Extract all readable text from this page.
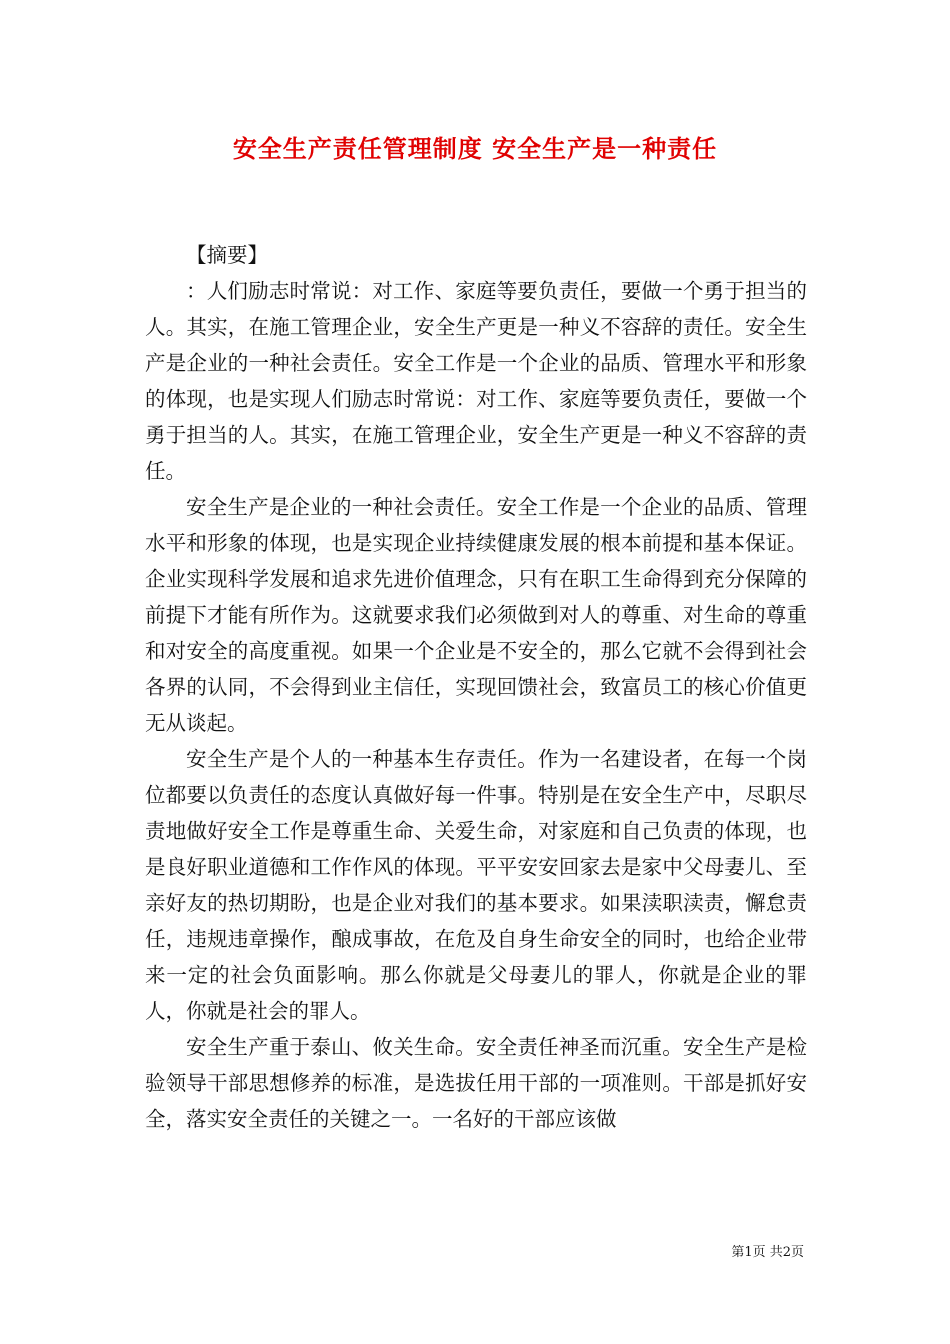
安全生产责任管理制度 安全生产是一种责任

【摘要】

：人们励志时常说：对工作、家庭等要负责任，要做一个勇于担当的人。其实，在施工管理企业，安全生产更是一种义不容辞的责任。安全生产是企业的一种社会责任。安全工作是一个企业的品质、管理水平和形象的体现，也是实现人们励志时常说：对工作、家庭等要负责任，要做一个勇于担当的人。其实，在施工管理企业，安全生产更是一种义不容辞的责任。

安全生产是企业的一种社会责任。安全工作是一个企业的品质、管理水平和形象的体现，也是实现企业持续健康发展的根本前提和基本保证。企业实现科学发展和追求先进价值理念，只有在职工生命得到充分保障的前提下才能有所作为。这就要求我们必须做到对人的尊重、对生命的尊重和对安全的高度重视。如果一个企业是不安全的，那么它就不会得到社会各界的认同，不会得到业主信任，实现回馈社会，致富员工的核心价值更无从谈起。

安全生产是个人的一种基本生存责任。作为一名建设者，在每一个岗位都要以负责任的态度认真做好每一件事。特别是在安全生产中，尽职尽责地做好安全工作是尊重生命、关爱生命，对家庭和自己负责的体现，也是良好职业道德和工作作风的体现。平平安安回家去是家中父母妻儿、至亲好友的热切期盼，也是企业对我们的基本要求。如果渎职渎责，懈怠责任，违规违章操作，酿成事故，在危及自身生命安全的同时，也给企业带来一定的社会负面影响。那么你就是父母妻儿的罪人，你就是企业的罪人，你就是社会的罪人。

安全生产重于泰山、攸关生命。安全责任神圣而沉重。安全生产是检验领导干部思想修养的标准，是选拔任用干部的一项准则。干部是抓好安全，落实安全责任的关键之一。一名好的干部应该做

第1页 共2页
